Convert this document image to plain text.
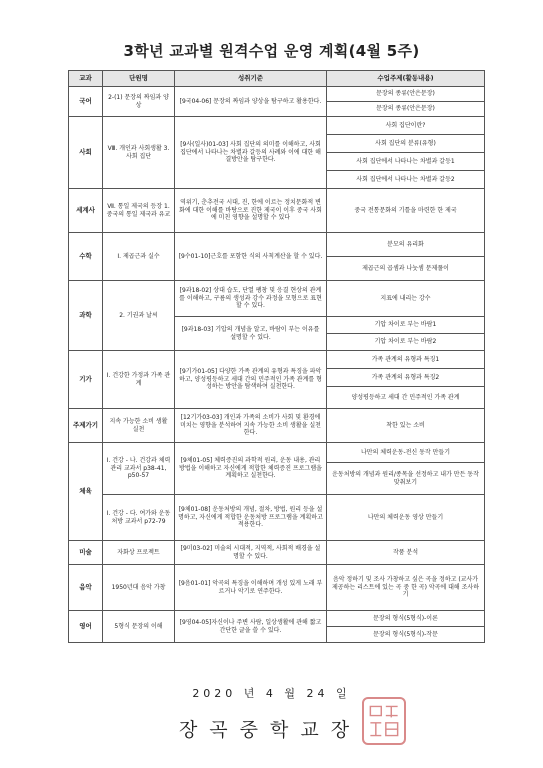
3학년 교과별 원격수업 운영 계획(4월 5주)
교과	단원명	성취기준	수업주제(활동내용)
국어	2-(1) 문장의 짜임과 양상	[9국04-06] 문장의 짜임과 양상을 탐구하고 활용한다.	문장의 종류(안은문장)
			문장의 종류(안은문장)
사회	Ⅷ. 개인과 사회생활 3. 사회 집단	[9사(일사)01-03] 사회 집단의 의미를 이해하고, 사회 집단에서 나타나는 차별과 갈등의 사례와 이에 대한 해결방안을 탐구한다.	사회 집단이란?
			사회 집단의 분류(유형)
			사회 집단에서 나타나는 차별과 갈등1
			사회 집단에서 나타나는 차별과 갈등2
세계사	Ⅶ. 통일 제국의 등장 1. 중국의 통일 제국과 유교	역위기, 춘추전국 시대, 진, 한에 이르는 정치문화적 변화에 대한 이해를 바탕으로 진한 제국이 이후 중국 사회에 미친 영향을 설명할 수 있다	중국 전통문화의 기틀을 마련한 한 제국
수학	Ⅰ. 제곱근과 실수	[9수01-10]근호를 포함한 식의 사칙계산을 할 수 있다.	분모의 유리화
			제곱근의 곱셈과 나눗셈 문제풀이
과학	2. 기권과 날씨	[9과18-02] 상대 습도, 단열 팽창 및 응결 현상의 관계를 이해하고, 구름의 생성과 강수 과정을 모형으로 표현할 수 있다.	지표에 내리는 강수
		[9과18-03] 기압의 개념을 알고, 바람이 부는 이유를 설명할 수 있다.	기압 차이로 부는 바람1
			기압 차이로 부는 바람2
기가	Ⅰ. 건강한 가정과 가족 관계	[9기가01-05] 다양한 가족 관계의 유형과 특징을 파악하고, 양성평등하고 세대 간의 민주적인 가족 관계를 형성하는 방안을 탐색하여 실천한다.	가족 관계의 유형과 특징1
			가족 관계의 유형과 특징2
			양성평등하고 세대 간 민주적인 가족 관계
주제가기	지속 가능한 소비 생활 실천	[12기가03-03] 개인과 가족의 소비가 사회 및 환경에 미치는 영향을 분석하여 지속 가능한 소비 생활을 실천한다.	착한 있는 소비
체육	Ⅰ. 건강 - 나. 건강과 체력관리 교과서 p38-41, p50-57	[9체01-05] 체력증진의 과학적 원리, 운동 내용, 관리 방법을 이해하고 자신에게 적합한 체력증진 프로그램을 계획하고 실천한다.	나만의 체력운동-전신 동작 만들기
			운동처방의 개념과 원리/종목을 선정하고 내가 만든 동작 맞춰보기
	Ⅰ. 건강 - 다. 여가와 운동처방 교과서 p72-79	[9체01-08] 운동처방의 개념, 절차, 방법, 원리 등을 설명하고, 자신에게 적합한 운동처방 프로그램을 계획하고 적용한다.	나만의 체력운동 영상 만들기
미술	자화상 프로젝트	[9미03-02] 미술의 시대적, 지역적, 사회적 배경을 설명할 수 있다.	작품 분석
음악	1950년대 음악 가창	[9음01-01] 악곡의 특징을 이해하며 개성 있게 노래 부르거나 악기로 연주한다.	음악 정하기 및 조사 가창하고 싶은 곡을 정하고 (교사가 제공하는 리스트에 있는 곡 중 한 곡) 악곡에 대해 조사하기
영어	5형식 문장의 이해	[9영04-05]자신이나 주변 사람, 일상생활에 관해 짧고 간단한 글을 쓸 수 있다.	문장의 형식(5형식)-이론
			문장의 형식(5형식)-작문
2020 년 4 월 24 일
장곡중학교장
